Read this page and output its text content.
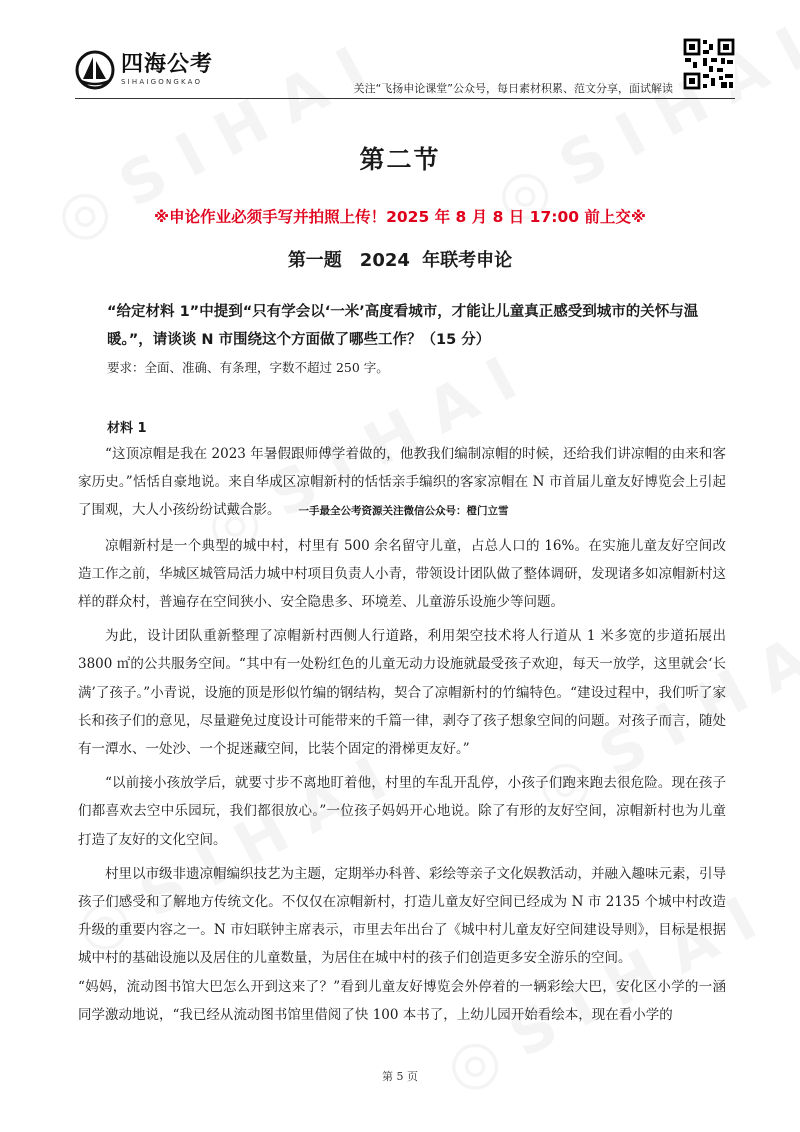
四海公考
SIHAIGONGKAO	关注“飞扬申论课堂”公众号，每日素材积累、范文分享，面试解读
第二节
※申论作业必须手写并拍照上传！2025 年 8 月 8 日 17:00 前上交※
第一题　2024 年联考申论
“给定材料 1”中提到“只有学会以‘一米’高度看城市，才能让儿童真正感受到城市的关怀与温暖。”，请谈谈 N 市围绕这个方面做了哪些工作？（15 分）
要求：全面、准确、有条理，字数不超过 250 字。
材料 1

“这顶凉帽是我在 2023 年暑假跟师傅学着做的，他教我们编制凉帽的时候，还给我们讲凉帽的由来和客家历史。”恬恬自豪地说。来自华成区凉帽新村的恬恬亲手编织的客家凉帽在 N 市首届儿童友好博览会上引起了围观，大人小孩纷纷试戴合影。 一手最全公考资源关注微信公众号：橙门立雪

凉帽新村是一个典型的城中村，村里有 500 余名留守儿童，占总人口的 16%。在实施儿童友好空间改造工作之前，华城区城管局活力城中村项目负责人小青，带领设计团队做了整体调研，发现诸多如凉帽新村这样的群众村，普遍存在空间狭小、安全隐患多、环境差、儿童游乐设施少等问题。

为此，设计团队重新整理了凉帽新村西侧人行道路，利用架空技术将人行道从 1 米多宽的步道拓展出 3800 ㎡的公共服务空间。“其中有一处粉红色的儿童无动力设施就最受孩子欢迎，每天一放学，这里就会‘长满’了孩子。”小青说，设施的顶是形似竹编的钢结构，契合了凉帽新村的竹编特色。“建设过程中，我们听了家长和孩子们的意见，尽量避免过度设计可能带来的千篇一律，剥夺了孩子想象空间的问题。对孩子而言，随处有一潭水、一处沙、一个捉迷藏空间，比装个固定的滑梯更友好。”

“以前接小孩放学后，就要寸步不离地盯着他，村里的车乱开乱停，小孩子们跑来跑去很危险。现在孩子们都喜欢去空中乐园玩，我们都很放心。”一位孩子妈妈开心地说。除了有形的友好空间，凉帽新村也为儿童打造了友好的文化空间。

村里以市级非遗凉帽编织技艺为主题，定期举办科普、彩绘等亲子文化娱教活动，并融入趣味元素，引导孩子们感受和了解地方传统文化。不仅仅在凉帽新村，打造儿童友好空间已经成为 N 市 2135 个城中村改造升级的重要内容之一。N 市妇联钟主席表示，市里去年出台了《城中村儿童友好空间建设导则》，目标是根据城中村的基础设施以及居住的儿童数量，为居住在城中村的孩子们创造更多安全游乐的空间。

“妈妈，流动图书馆大巴怎么开到这来了？”看到儿童友好博览会外停着的一辆彩绘大巴，安化区小学的一涵同学激动地说，“我已经从流动图书馆里借阅了快 100 本书了，上幼儿园开始看绘本，现在看小学的

第 5 页
